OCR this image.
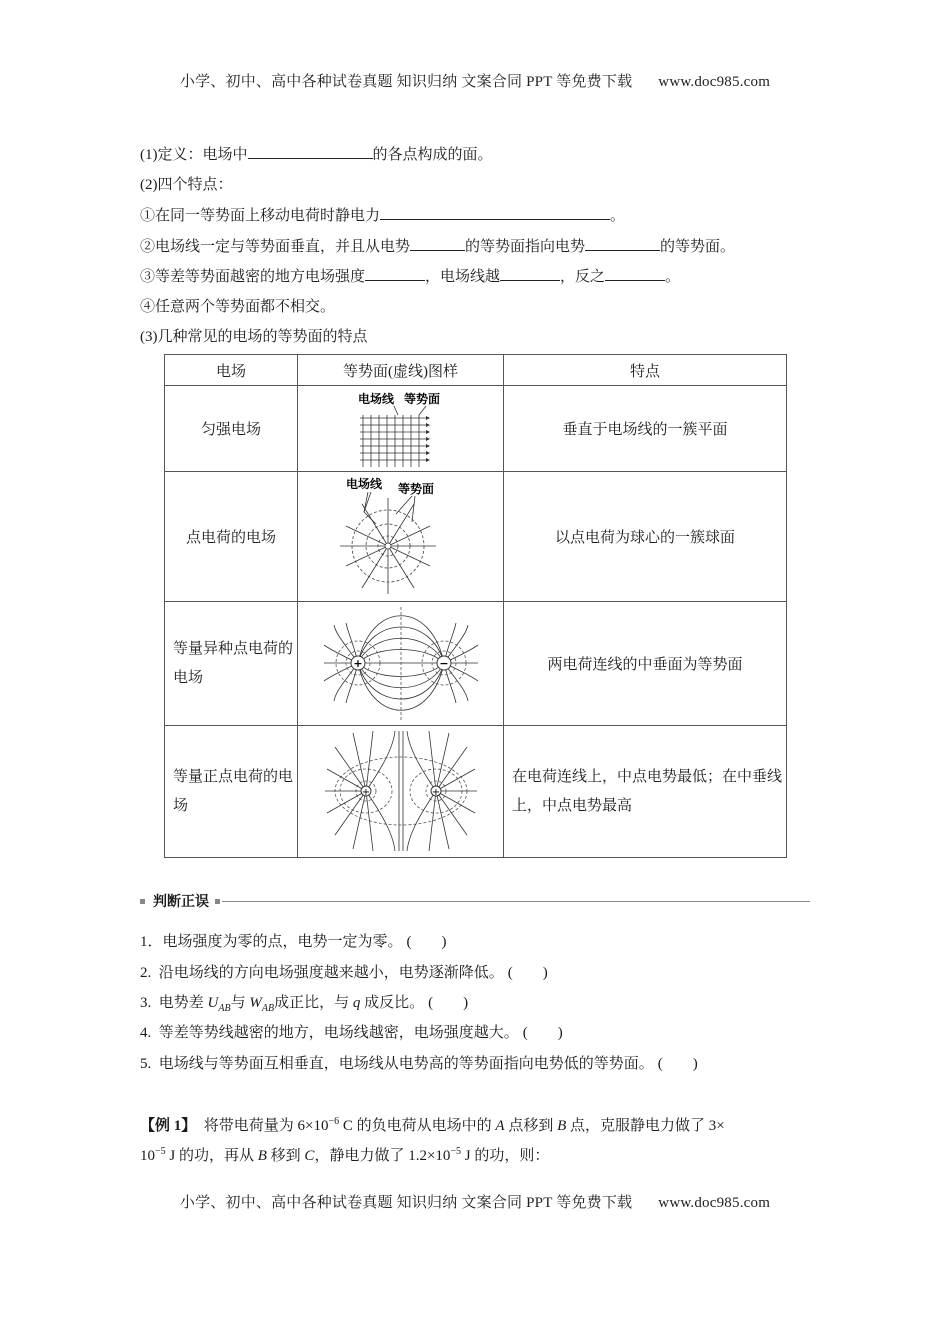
小学、初中、高中各种试卷真题 知识归纳 文案合同 PPT 等免费下载 www.doc985.com
(1)定义：电场中	的各点构成的面。
(2)四个特点：
①在同一等势面上移动电荷时静电力	。
②电场线一定与等势面垂直，并且从电势	的等势面指向电势	的等势面。
③等差等势面越密的地方电场强度	，电场线越	，反之	。
④任意两个等势面都不相交。
(3)几种常见的电场的等势面的特点
电场	等势面(虚线)图样	特点
匀强电场	电场线 等势面	垂直于电场线的一簇平面
点电荷的电场	电场线 等势面	以点电荷为球心的一簇球面
等量异种点电荷的电场	+ −	两电荷连线的中垂面为等势面
等量正点电荷的电场	+ +	在电荷连线上，中点电势最低；在中垂线上，中点电势最高
判断正误
1．电场强度为零的点，电势一定为零。 (　　)
2. 沿电场线的方向电场强度越来越小，电势逐渐降低。 (　　)
3. 电势差 $U_{AB}$与 $W_{AB}$成正比，与 q 成反比。 (　　)
4. 等差等势线越密的地方，电场线越密，电场强度越大。 (　　)
5. 电场线与等势面互相垂直，电场线从电势高的等势面指向电势低的等势面。 (　　)
【例 1】 将带电荷量为 $6\times 10^{-6}$ C 的负电荷从电场中的 A 点移到 B 点，克服静电力做了 3×
$10^{-5}$ J 的功，再从 B 移到 C，静电力做了 $1.2\times 10^{-5}$ J 的功，则：
小学、初中、高中各种试卷真题 知识归纳 文案合同 PPT 等免费下载 www.doc985.com
